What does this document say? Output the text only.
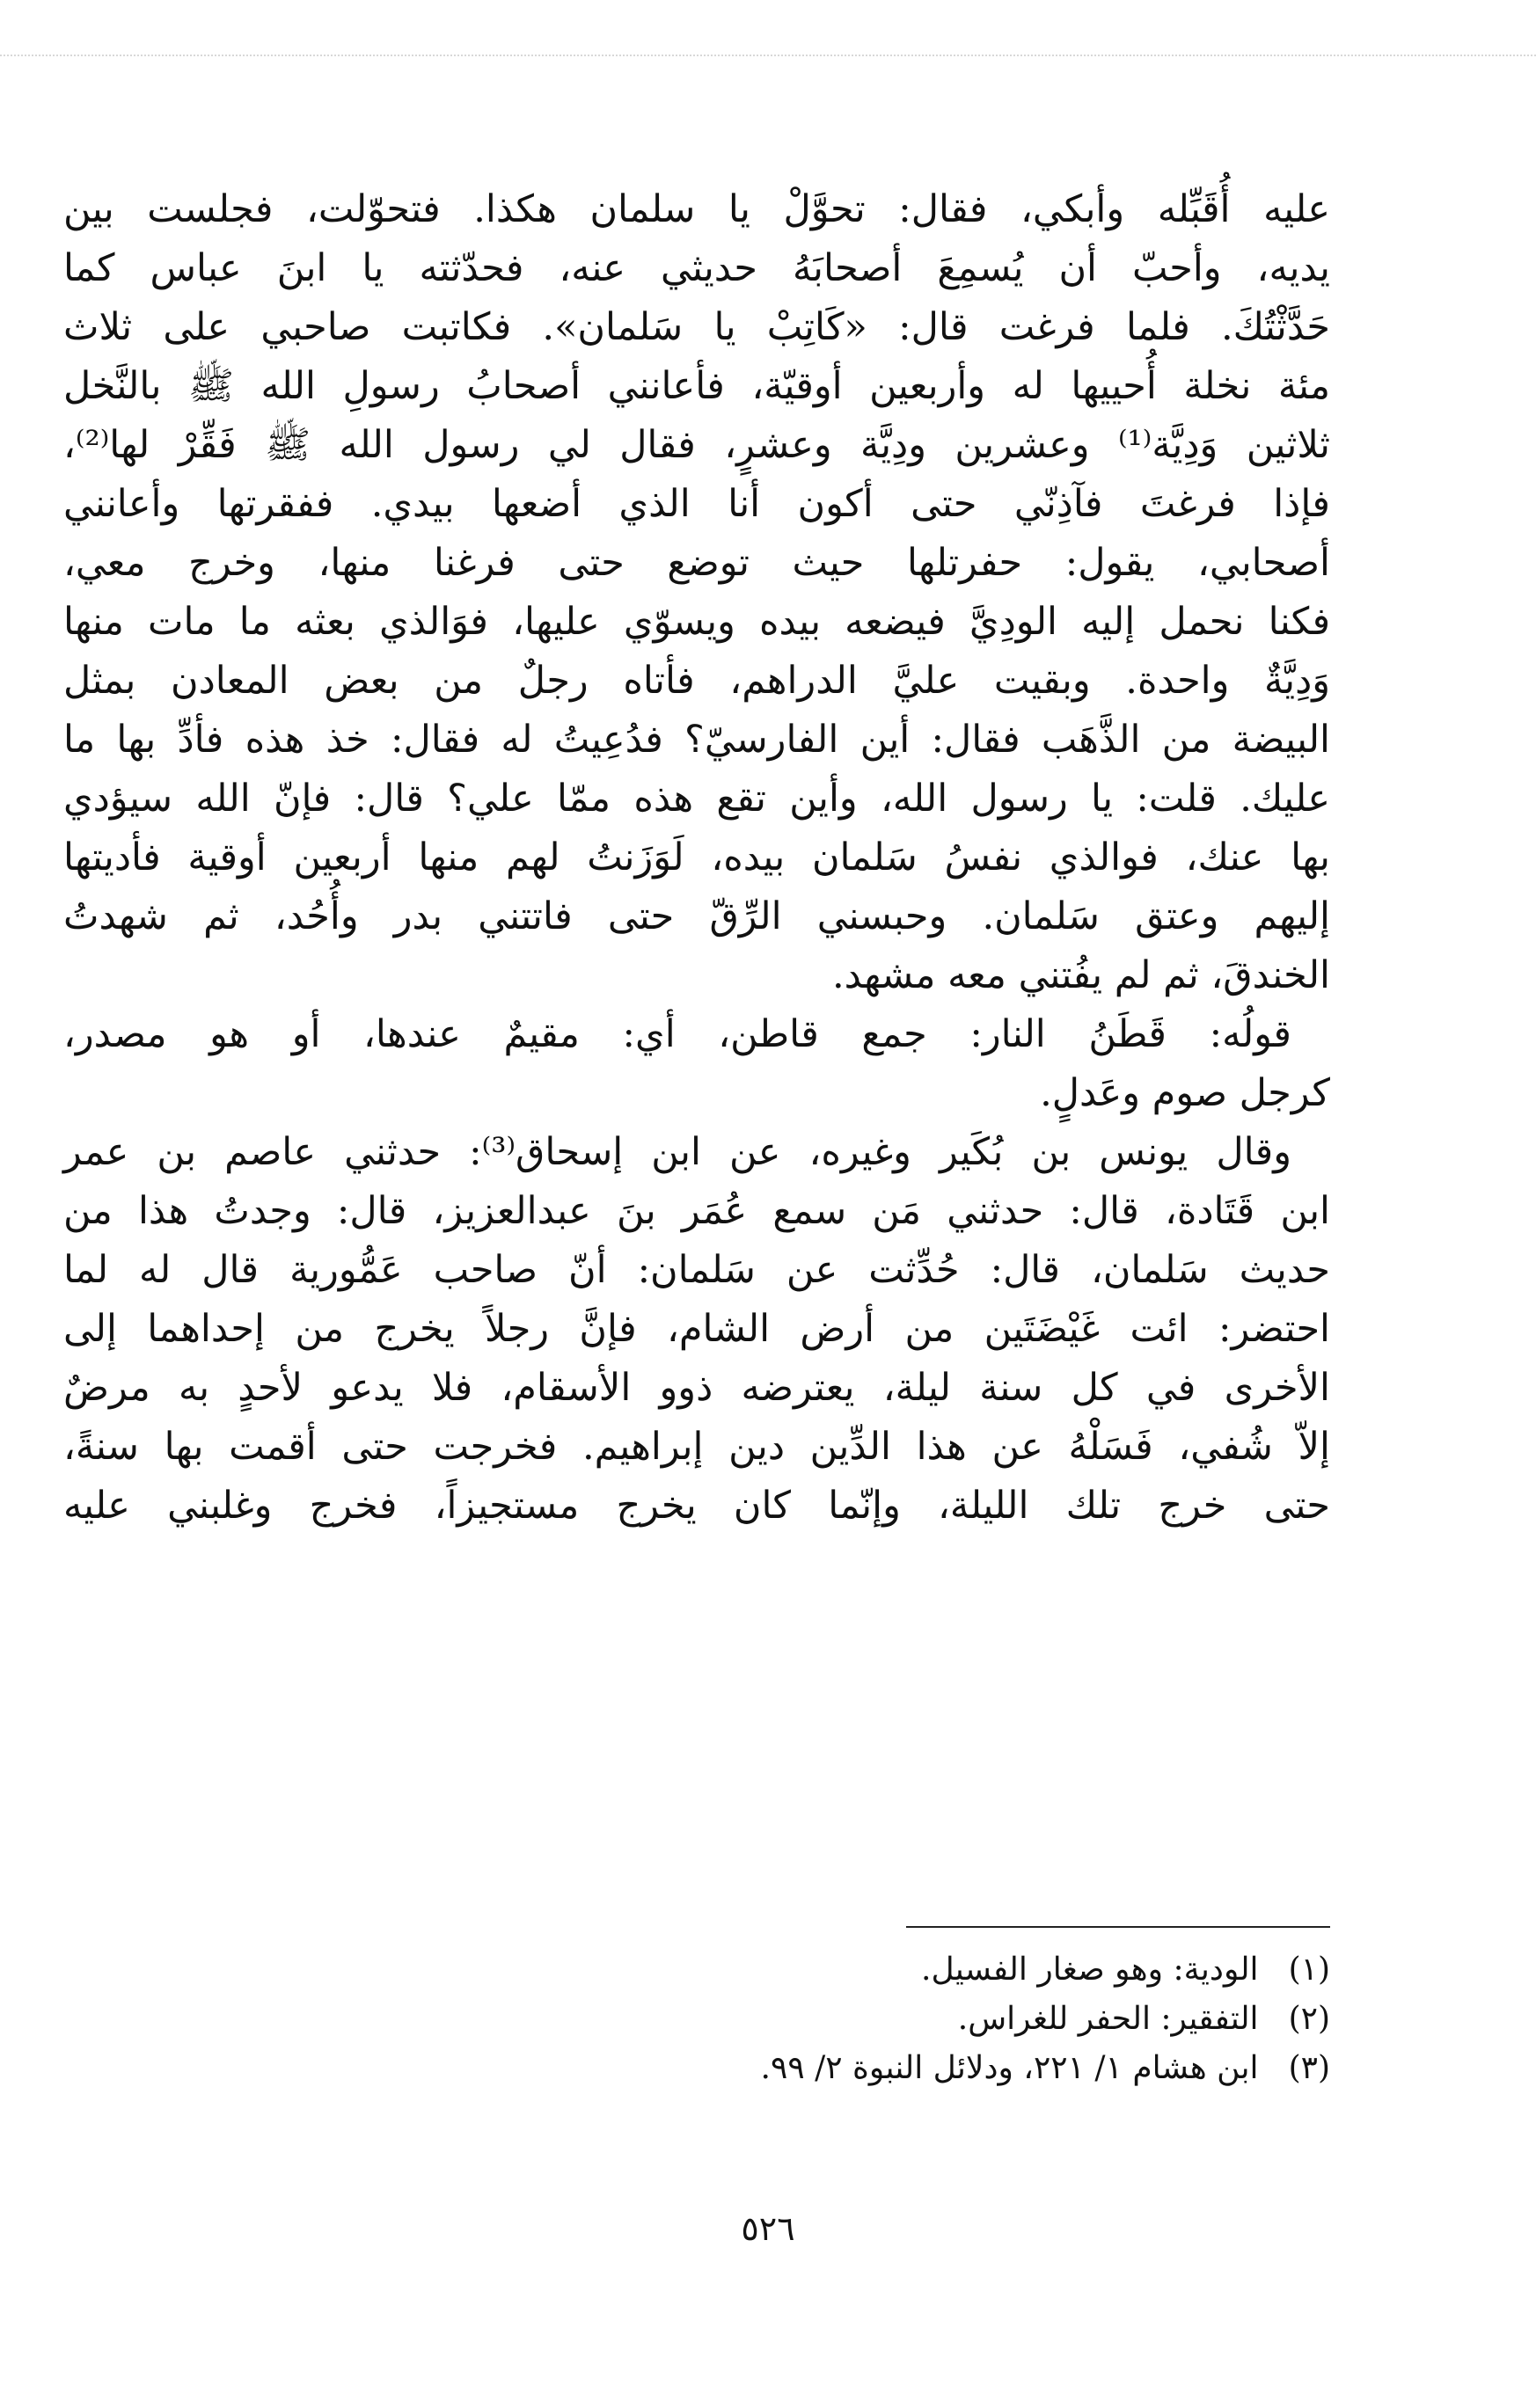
عليه أُقَبِّله وأبكي، فقال: تحوَّلْ يا سلمان هكذا. فتحوّلت، فجلست بين
يديه، وأحبّ أن يُسمِعَ أصحابَهُ حديثي عنه، فحدّثته يا ابنَ عباس كما
حَدَّثْتُكَ. فلما فرغت قال: «كَاتِبْ يا سَلمان». فكاتبت صاحبي على ثلاث
مئة نخلة أُحييها له وأربعين أوقيّة، فأعانني أصحابُ رسولِ الله ﷺ بالنَّخل
ثلاثين وَدِيَّة⁽¹⁾ وعشرين ودِيَّة وعشرٍ، فقال لي رسول الله ﷺ فَقِّرْ لها⁽²⁾،
فإذا فرغتَ فآذِنّي حتى أكون أنا الذي أضعها بيدي. ففقرتها وأعانني
أصحابي، يقول: حفرتلها حيث توضع حتى فرغنا منها، وخرج معي،
فكنا نحمل إليه الودِيَّ فيضعه بيده ويسوّي عليها، فوَالذي بعثه ما مات منها
وَدِيَّةٌ واحدة. وبقيت عليَّ الدراهم، فأتاه رجلٌ من بعض المعادن بمثل
البيضة من الذَّهَب فقال: أين الفارسيّ؟ فدُعِيتُ له فقال: خذ هذه فأدِّ بها ما
عليك. قلت: يا رسول الله، وأين تقع هذه ممّا علي؟ قال: فإنّ الله سيؤدي
بها عنك، فوالذي نفسُ سَلمان بيده، لَوَزَنتُ لهم منها أربعين أوقية فأديتها
إليهم وعتق سَلمان. وحبسني الرِّقّ حتى فاتتني بدر وأُحُد، ثم شهدتُ
الخندقَ، ثم لم يفُتني معه مشهد.
قولُه: قَطَنُ النار: جمع قاطن، أي: مقيمٌ عندها، أو هو مصدر،
كرجل صوم وعَدلٍ.
وقال يونس بن بُكَير وغيره، عن ابن إسحاق⁽³⁾: حدثني عاصم بن عمر
ابن قَتَادة، قال: حدثني مَن سمع عُمَر بنَ عبدالعزيز، قال: وجدتُ هذا من
حديث سَلمان، قال: حُدِّثت عن سَلمان: أنّ صاحب عَمُّورية قال له لما
احتضر: ائت غَيْضَتَين من أرض الشام، فإنَّ رجلاً يخرج من إحداهما إلى
الأخرى في كل سنة ليلة، يعترضه ذوو الأسقام، فلا يدعو لأحدٍ به مرضٌ
إلاّ شُفي، فَسَلْهُ عن هذا الدِّين دين إبراهيم. فخرجت حتى أقمت بها سنةً،
حتى خرج تلك الليلة، وإنّما كان يخرج مستجيزاً، فخرج وغلبني عليه
(١) الودية: وهو صغار الفسيل.
(٢) التفقير: الحفر للغراس.
(٣) ابن هشام ١/ ٢٢١، ودلائل النبوة ٢/ ٩٩.
٥٢٦
